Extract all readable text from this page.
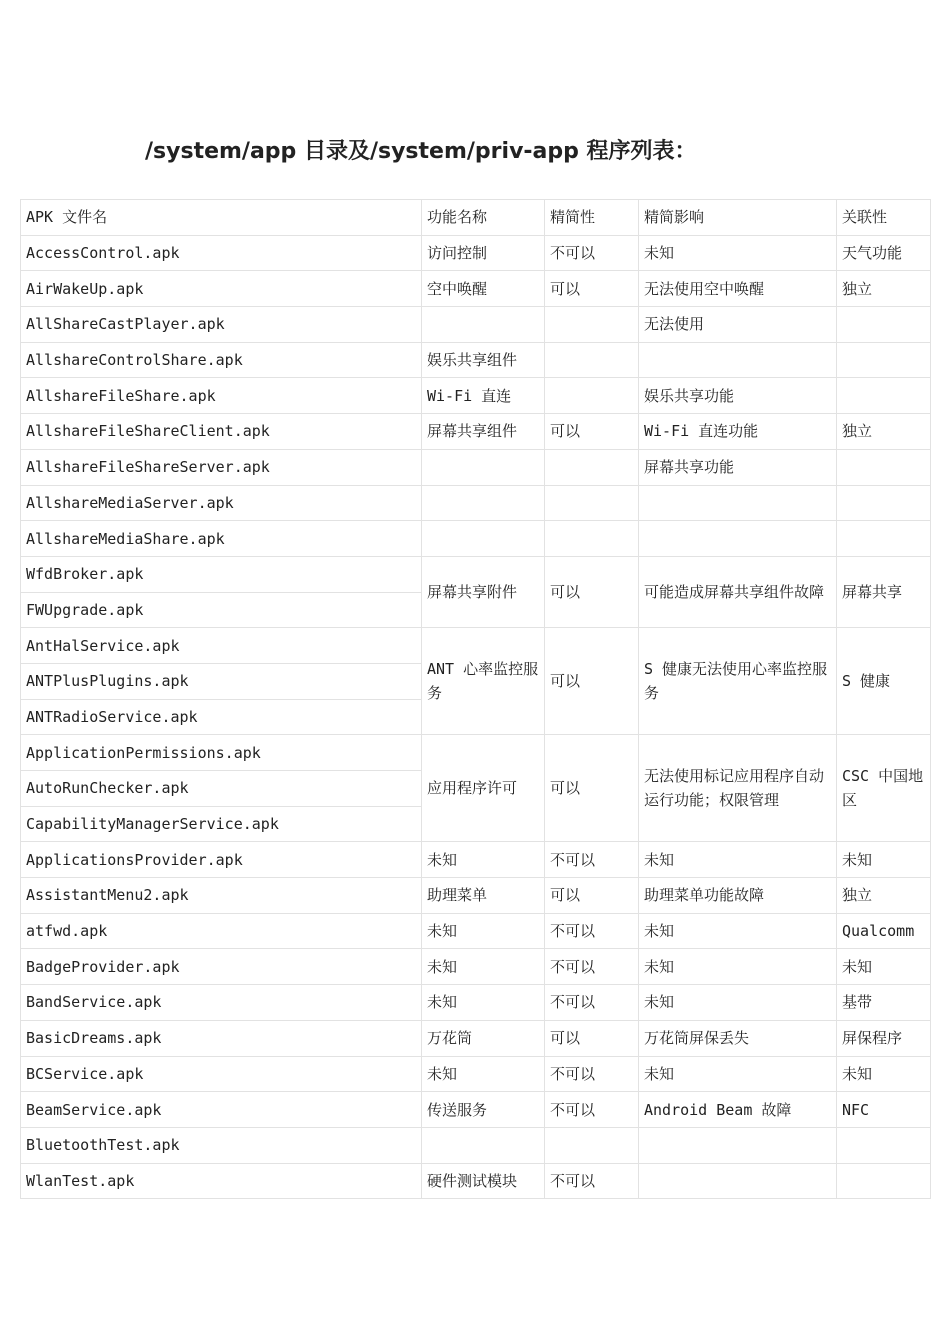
/system/app 目录及/system/priv-app 程序列表：
APK 文件名	功能名称	精简性	精简影响	关联性
AccessControl.apk	访问控制	不可以	未知	天气功能
AirWakeUp.apk	空中唤醒	可以	无法使用空中唤醒	独立
AllShareCastPlayer.apk			无法使用	
AllshareControlShare.apk	娱乐共享组件			
AllshareFileShare.apk	Wi-Fi 直连		娱乐共享功能	
AllshareFileShareClient.apk	屏幕共享组件	可以	Wi-Fi 直连功能	独立
AllshareFileShareServer.apk			屏幕共享功能	
AllshareMediaServer.apk				
AllshareMediaShare.apk				
WfdBroker.apk	屏幕共享附件	可以	可能造成屏幕共享组件故障	屏幕共享
FWUpgrade.apk				
AntHalService.apk	ANT 心率监控服务	可以	S 健康无法使用心率监控服务	S 健康
ANTPlusPlugins.apk				
ANTRadioService.apk				
ApplicationPermissions.apk	应用程序许可	可以	无法使用标记应用程序自动运行功能；权限管理	CSC 中国地区
AutoRunChecker.apk				
CapabilityManagerService.apk				
ApplicationsProvider.apk	未知	不可以	未知	未知
AssistantMenu2.apk	助理菜单	可以	助理菜单功能故障	独立
atfwd.apk	未知	不可以	未知	Qualcomm
BadgeProvider.apk	未知	不可以	未知	未知
BandService.apk	未知	不可以	未知	基带
BasicDreams.apk	万花筒	可以	万花筒屏保丢失	屏保程序
BCService.apk	未知	不可以	未知	未知
BeamService.apk	传送服务	不可以	Android Beam 故障	NFC
BluetoothTest.apk				
WlanTest.apk	硬件测试模块	不可以		
